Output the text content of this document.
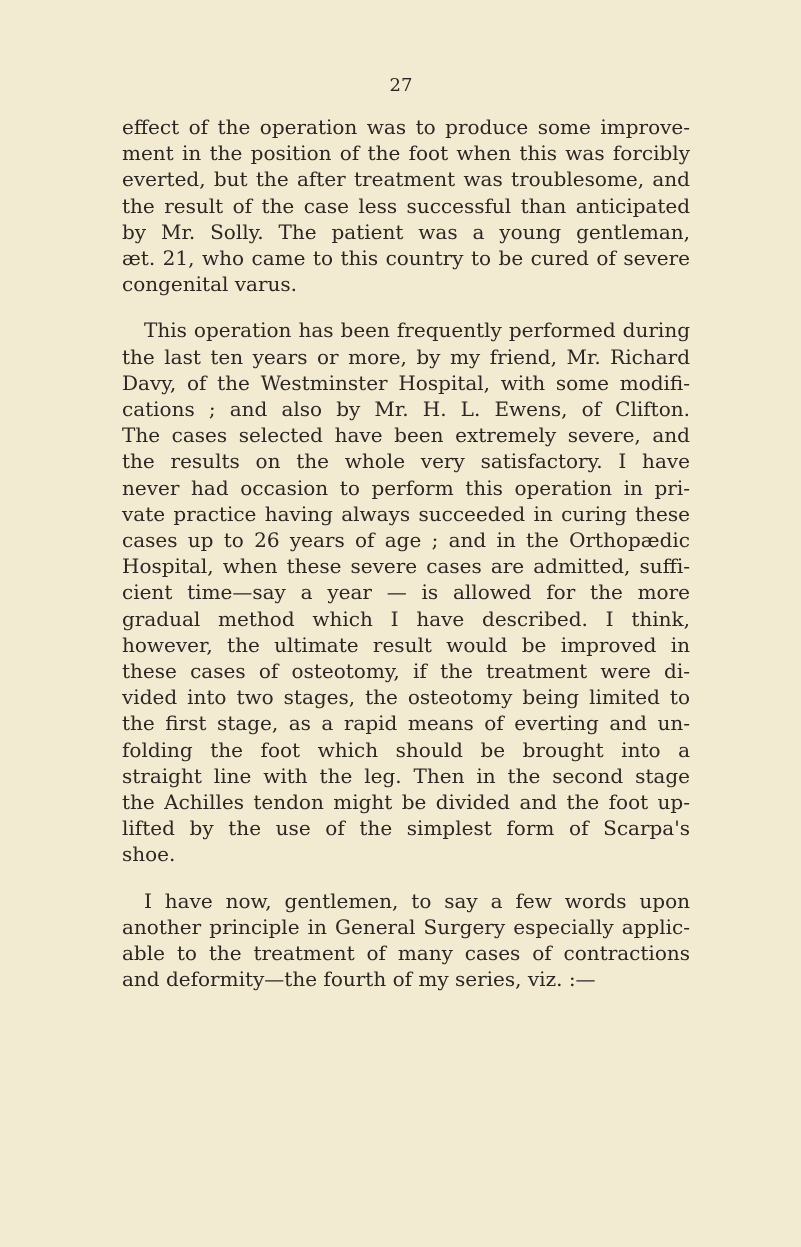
27
effect of the operation was to produce some improve-
ment in the position of the foot when this was forcibly
everted, but the after treatment was troublesome, and
the result of the case less successful than anticipated
by Mr. Solly. The patient was a young gentleman,
æt. 21, who came to this country to be cured of severe
congenital varus.
This operation has been frequently performed during
the last ten years or more, by my friend, Mr. Richard
Davy, of the Westminster Hospital, with some modifi-
cations ; and also by Mr. H. L. Ewens, of Clifton.
The cases selected have been extremely severe, and
the results on the whole very satisfactory. I have
never had occasion to perform this operation in pri-
vate practice having always succeeded in curing these
cases up to 26 years of age ; and in the Orthopædic
Hospital, when these severe cases are admitted, suffi-
cient time—say a year — is allowed for the more
gradual method which I have described. I think,
however, the ultimate result would be improved in
these cases of osteotomy, if the treatment were di-
vided into two stages, the osteotomy being limited to
the first stage, as a rapid means of everting and un-
folding the foot which should be brought into a
straight line with the leg. Then in the second stage
the Achilles tendon might be divided and the foot up-
lifted by the use of the simplest form of Scarpa's
shoe.
I have now, gentlemen, to say a few words upon
another principle in General Surgery especially applic-
able to the treatment of many cases of contractions
and deformity—the fourth of my series, viz. :—
